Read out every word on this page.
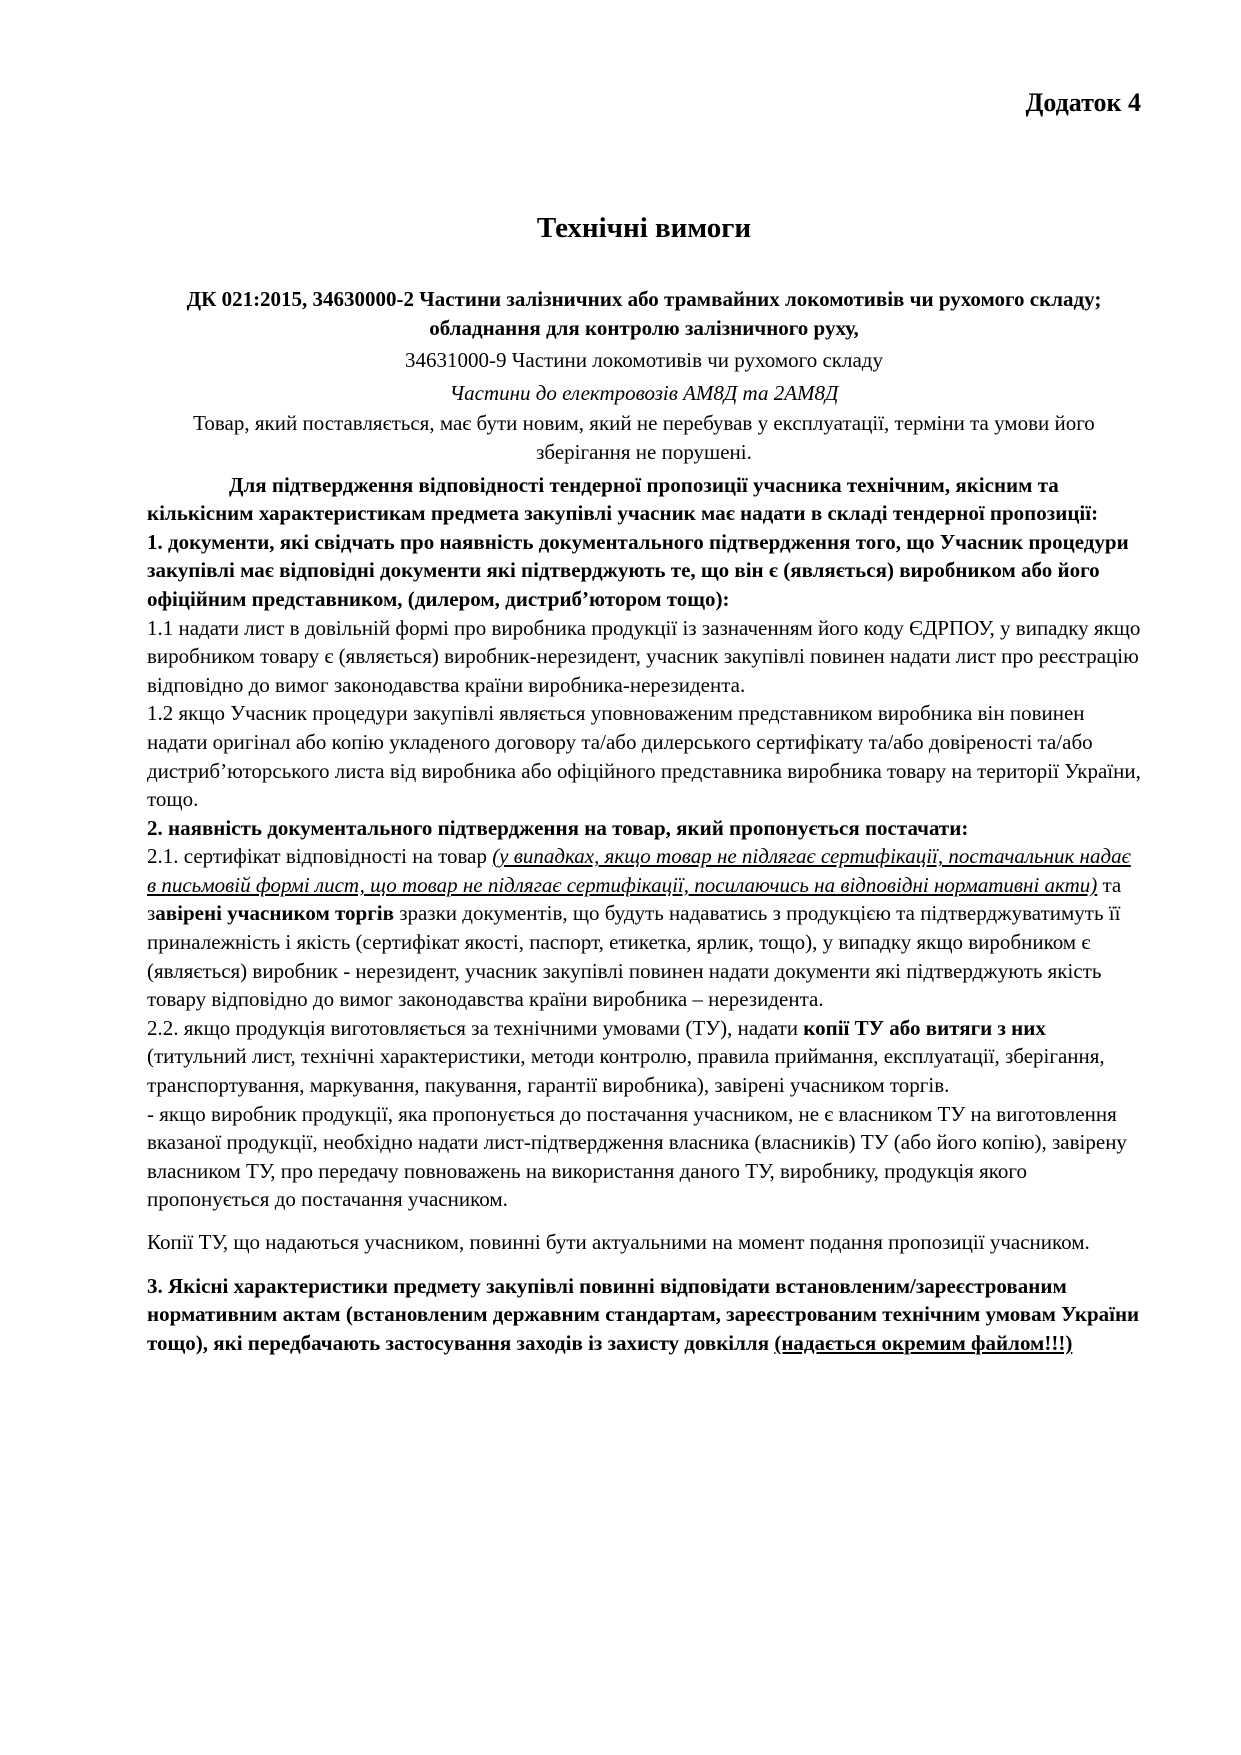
Додаток 4

Технічні вимоги

ДК 021:2015, 34630000-2 Частини залізничних або трамвайних локомотивів чи рухомого складу; обладнання для контролю залізничного руху,

34631000-9 Частини локомотивів чи рухомого складу

Частини до електровозів АМ8Д та 2АМ8Д

Товар, який поставляється, має бути новим, який не перебував у експлуатації, терміни та умови його зберігання не порушені.

Для підтвердження відповідності тендерної пропозиції учасника технічним, якісним та кількісним характеристикам предмета закупівлі учасник має надати в складі тендерної пропозиції:

1. документи, які свідчать про наявність документального підтвердження того, що Учасник процедури закупівлі має відповідні документи які підтверджують те, що він є (являється) виробником або його офіційним представником, (дилером, дистриб’ютором тощо):

1.1 надати лист в довільній формі про виробника продукції із зазначенням його коду ЄДРПОУ, у випадку якщо виробником товару є (являється) виробник-нерезидент, учасник закупівлі повинен надати лист про реєстрацію відповідно до вимог законодавства країни виробника-нерезидента.

1.2 якщо Учасник процедури закупівлі являється уповноваженим представником виробника він повинен надати оригінал або копію укладеного договору та/або дилерського сертифікату та/або довіреності та/або дистриб’юторського листа від виробника або офіційного представника виробника товару на території України, тощо.

2. наявність документального підтвердження на товар, який пропонується постачати:

2.1. сертифікат відповідності на товар (у випадках, якщо товар не підлягає сертифікації, постачальник надає в письмовій формі лист, що товар не підлягає сертифікації, посилаючись на відповідні нормативні акти) та завірені учасником торгів зразки документів, що будуть надаватись з продукцією та підтверджуватимуть її приналежність і якість (сертифікат якості, паспорт, етикетка, ярлик, тощо), у випадку якщо виробником є (являється) виробник - нерезидент, учасник закупівлі повинен надати документи які підтверджують якість товару відповідно до вимог законодавства країни виробника – нерезидента.

2.2. якщо продукція виготовляється за технічними умовами (ТУ), надати копії ТУ або витяги з них (титульний лист, технічні характеристики, методи контролю, правила приймання, експлуатації, зберігання, транспортування, маркування, пакування, гарантії виробника), завірені учасником торгів.

- якщо виробник продукції, яка пропонується до постачання учасником, не є власником ТУ на виготовлення вказаної продукції, необхідно надати лист-підтвердження власника (власників) ТУ (або його копію), завірену власником ТУ, про передачу повноважень на використання даного ТУ, виробнику, продукція якого пропонується до постачання учасником.

Копії ТУ, що надаються учасником, повинні бути актуальними на момент подання пропозиції учасником.

3. Якісні характеристики предмету закупівлі повинні відповідати встановленим/зареєстрованим нормативним актам (встановленим державним стандартам, зареєстрованим технічним умовам України тощо), які передбачають застосування заходів із захисту довкілля (надається окремим файлом!!!)
